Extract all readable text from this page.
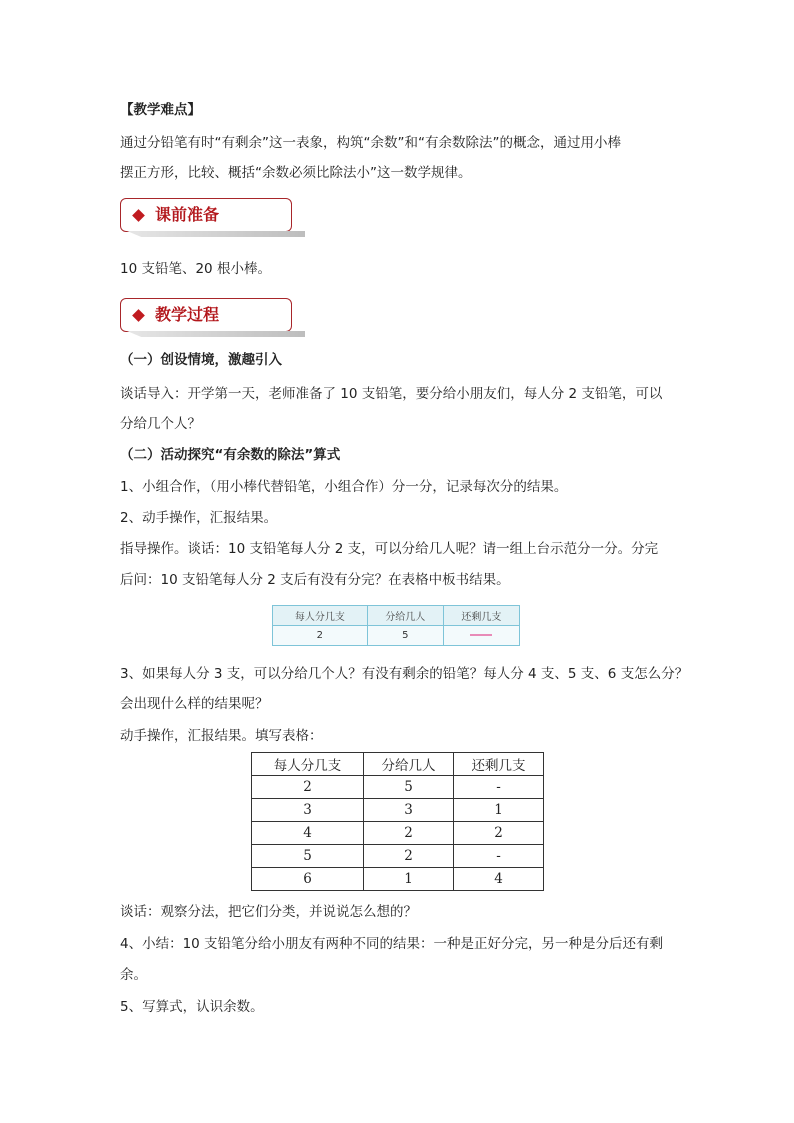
【教学难点】
通过分铅笔有时“有剩余”这一表象，构筑“余数”和“有余数除法”的概念，通过用小棒
摆正方形，比较、概括“余数必须比除法小”这一数学规律。
课前准备
10 支铅笔、20 根小棒。
教学过程
（一）创设情境，激趣引入
谈话导入：开学第一天，老师准备了 10 支铅笔，要分给小朋友们，每人分 2 支铅笔，可以
分给几个人？
（二）活动探究“有余数的除法”算式
1、小组合作，（用小棒代替铅笔，小组合作）分一分，记录每次分的结果。
2、动手操作，汇报结果。
指导操作。谈话：10 支铅笔每人分 2 支，可以分给几人呢？请一组上台示范分一分。分完
后问：10 支铅笔每人分 2 支后有没有分完？在表格中板书结果。
每人分几支	分给几人	还剩几支
2	5	
3、如果每人分 3 支，可以分给几个人？有没有剩余的铅笔？每人分 4 支、5 支、6 支怎么分？
会出现什么样的结果呢？
动手操作，汇报结果。填写表格：
每人分几支	分给几人	还剩几支
2	5	-
3	3	1
4	2	2
5	2	-
6	1	4
谈话：观察分法，把它们分类，并说说怎么想的？
4、小结：10 支铅笔分给小朋友有两种不同的结果：一种是正好分完，另一种是分后还有剩
余。
5、写算式，认识余数。
